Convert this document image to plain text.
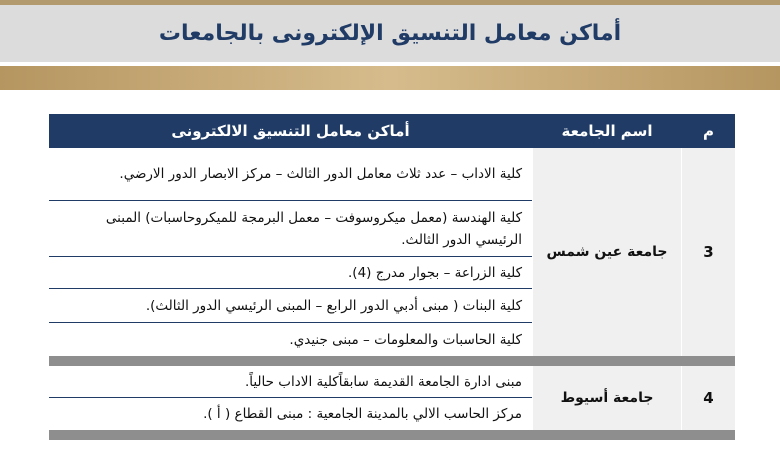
أماكن معامل التنسيق الإلكترونى بالجامعات
م
اسم الجامعة
أماكن معامل التنسيق الالكترونى
3
جامعة عين شمس
كلية الاداب – عدد ثلاث معامل الدور الثالث – مركز الابصار الدور الارضي.
كلية الهندسة (معمل ميكروسوفت – معمل البرمجة للميكروحاسبات) المبنى الرئيسي الدور الثالث.
كلية الزراعة – بجوار مدرج (4).
كلية البنات ( مبنى أدبي الدور الرابع – المبنى الرئيسي الدور الثالث).
كلية الحاسبات والمعلومات – مبنى جنيدي.
4
جامعة أسيوط
مبنى ادارة الجامعة القديمة سابقاًكلية الاداب حالياً.
مركز الحاسب الالي بالمدينة الجامعية : مبنى القطاع ( أ ).
